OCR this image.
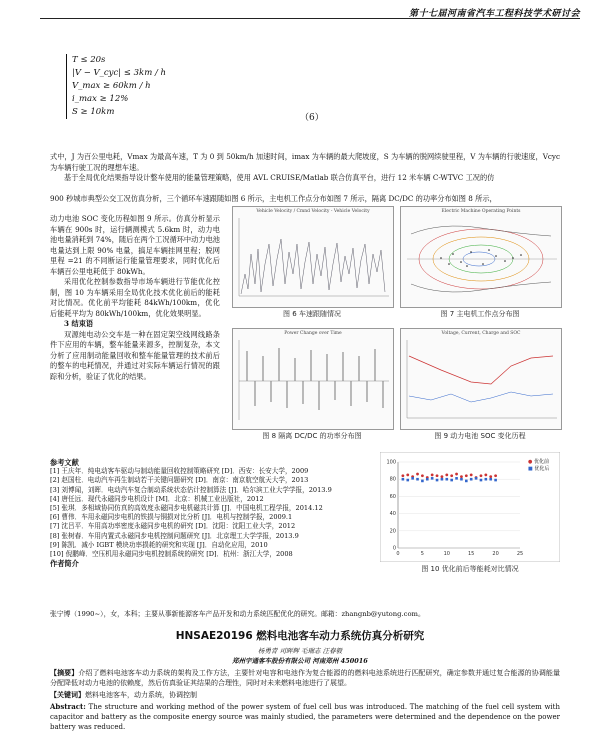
第十七届河南省汽车工程科技学术研讨会
T ≤ 20s
|V − V_cyc| ≤ 3km / h
V_max ≥ 60km / h
i_max ≥ 12%
S ≥ 10km
（6）
式中，J 为百公里电耗，Vmax 为最高车速，T 为 0 到 50km/h 加速时间，imax 为车辆的最大爬坡度，S 为车辆的脱网续驶里程，V 为车辆的行驶速度，Vcyc 为车辆行驶工况的理想车速。
基于全局优化结果指导设计整车使用的能量管理策略，使用 AVL CRUISE/Matlab 联合仿真平台，进行 12 米车辆 C-WTVC 工况的仿
900 秒城市典型公交工况仿真分析，三个循环车速跟随如图 6 所示，主电机工作点分布如图 7 所示，隔离 DC/DC 的功率分布如图 8 所示，

动力电池 SOC 变化历程如图 9 所示。仿真分析显示车辆在 900s 时，运行辆测模式 5.6km 时，动力电池电量消耗到 74%，随后在两个工况循环中动力电池电量达到上限 90% 电量，搞足车辆挂网里程；脱网里程 =21 的不同断运行能量管理要求，同时优化后车辆百公里电耗低于 80kWh。

采用优化控制参数指导市场车辆进行节能优化控制，图 10 为车辆采用全局优化技术优化前后的能耗对比情况。优化前平均能耗 84kWh/100km，优化后能耗平均为 80kWh/100km，优化效果明显。

3 结束语

双源纯电动公交车是一种在固定架空线网线路条件下应用的车辆，整车能量来源多，控制复杂，本文分析了应用制动能量回收和整车能量管理的技术前后的整车的电耗情况，并通过对实际车辆运行情况的跟踪和分析，验证了优化的结果。

Vehicle Velocity / Cmnd Velocity - Vehicle Velocity
图 6 车速跟随情况
Electric Machine Operating Points
图 7 主电机工作点分布图
Power Change over Time
图 8 隔离 DC/DC 的功率分布图
Voltage, Current, Charge and SOC
图 9 动力电池 SOC 变化历程
参考文献
[1] 王庆年．纯电动客车驱动与制动能量回收控制策略研究 [D]．西安：长安大学，2009
[2] 赵国柱．电动汽车再生制动若干关键问题研究 [D]．南京：南京航空航天大学，2013
[3] 刘博闻，刘晖．电动汽车复合制动系统状态估计控制算法 [J]．哈尔滨工业大学学报，2013.9
[4] 唐任远．现代永磁同步电机设计 [M]．北京：机械工业出版社，2012
[5] 张琪．多相域协同仿真的高效度永磁同步电机磁共计算 [J]．中国电机工程学报，2014.12
[6] 曹伟．车用永磁同步电机的铁损与铜损对比分析 [J]．电机与控制学报，2009.1
[7] 沈吕平．车用高功率密度永磁同步电机的研究 [D]．沈阳：沈阳工业大学，2012
[8] 张树春．车用内置式永磁同步电机控制问题研究 [J]．北京理工大学学报，2013.9
[9] 陈凯．减小 IGBT 模块功率损耗的研究和实现 [J]．自动化应用，2010
[10] 倪鹏峰．空压机用永磁同步电机控制系统的研究 [D]．杭州：浙江大学，2008
作者简介
0
20
40
60
80
100
0	5	10	15	20	25
● 优化前
■ 优化后
图 10 优化前后等能耗对比情况
张宁博（1990~），女，本科；主要从事新能源客车产品开发和动力系统匹配优化的研究。邮箱：zhangnb@yutong.com。
HNSAE20196 燃料电池客车动力系统仿真分析研究
杨勇青 司晖辉 毛瑞志 汪春毅
郑州宇通客车股份有限公司 河南郑州 450016
【摘要】介绍了燃料电池客车动力系统的架构及工作方法，主要针对电容和电池作为复合能源的的燃料电池系统进行匹配研究，确定参数并通过复合能源的协调能量分配降低对动力电池的依赖度，然后仿真验证其结果的合理性，同时对未来燃料电池进行了展望。
【关键词】燃料电池客车，动力系统，协调控制
Abstract: The structure and working method of the power system of fuel cell bus was introduced. The matching of the fuel cell system with capacitor and battery as the composite energy source was mainly studied, the parameters were determined and the dependence on the power battery was reduced.
